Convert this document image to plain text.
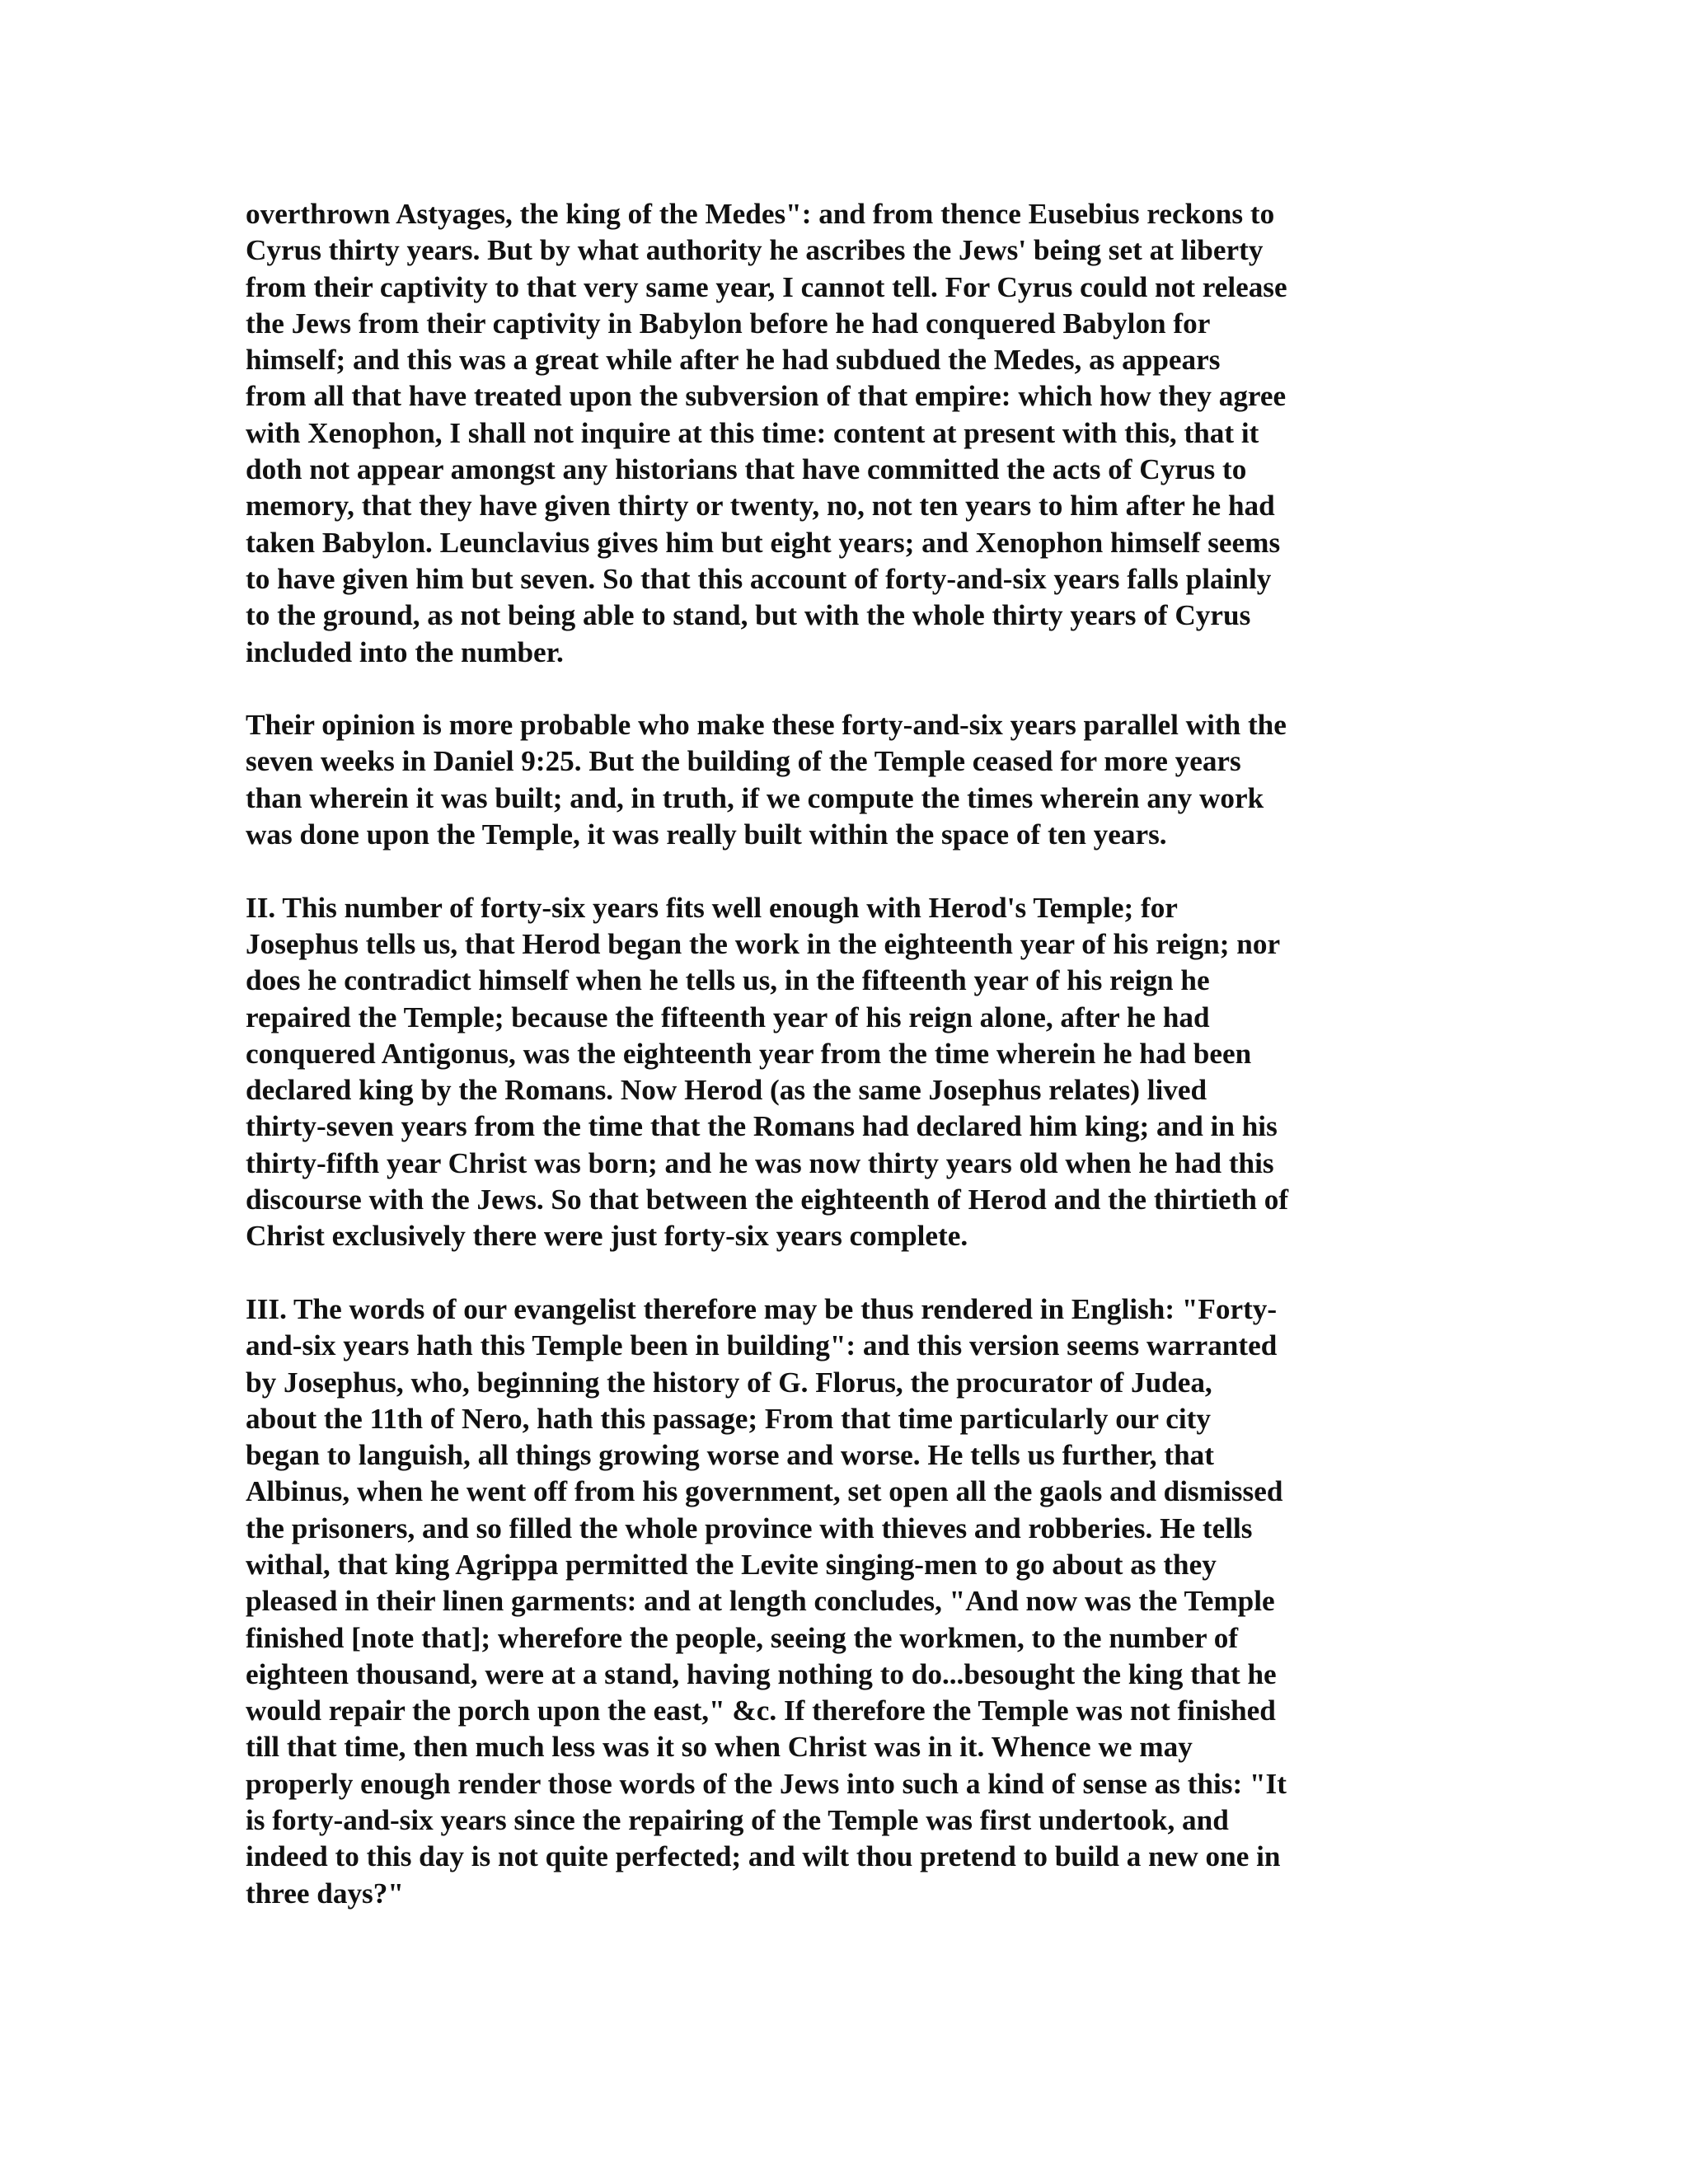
overthrown Astyages, the king of the Medes": and from thence Eusebius reckons to
Cyrus thirty years. But by what authority he ascribes the Jews' being set at liberty
from their captivity to that very same year, I cannot tell. For Cyrus could not release
the Jews from their captivity in Babylon before he had conquered Babylon for
himself; and this was a great while after he had subdued the Medes, as appears
from all that have treated upon the subversion of that empire: which how they agree
with Xenophon, I shall not inquire at this time: content at present with this, that it
doth not appear amongst any historians that have committed the acts of Cyrus to
memory, that they have given thirty or twenty, no, not ten years to him after he had
taken Babylon. Leunclavius gives him but eight years; and Xenophon himself seems
to have given him but seven. So that this account of forty-and-six years falls plainly
to the ground, as not being able to stand, but with the whole thirty years of Cyrus
included into the number.

Their opinion is more probable who make these forty-and-six years parallel with the
seven weeks in Daniel 9:25. But the building of the Temple ceased for more years
than wherein it was built; and, in truth, if we compute the times wherein any work
was done upon the Temple, it was really built within the space of ten years.

II. This number of forty-six years fits well enough with Herod's Temple; for
Josephus tells us, that Herod began the work in the eighteenth year of his reign; nor
does he contradict himself when he tells us, in the fifteenth year of his reign he
repaired the Temple; because the fifteenth year of his reign alone, after he had
conquered Antigonus, was the eighteenth year from the time wherein he had been
declared king by the Romans. Now Herod (as the same Josephus relates) lived
thirty-seven years from the time that the Romans had declared him king; and in his
thirty-fifth year Christ was born; and he was now thirty years old when he had this
discourse with the Jews. So that between the eighteenth of Herod and the thirtieth of
Christ exclusively there were just forty-six years complete.

III. The words of our evangelist therefore may be thus rendered in English: "Forty-
and-six years hath this Temple been in building": and this version seems warranted
by Josephus, who, beginning the history of G. Florus, the procurator of Judea,
about the 11th of Nero, hath this passage; From that time particularly our city
began to languish, all things growing worse and worse. He tells us further, that
Albinus, when he went off from his government, set open all the gaols and dismissed
the prisoners, and so filled the whole province with thieves and robberies. He tells
withal, that king Agrippa permitted the Levite singing-men to go about as they
pleased in their linen garments: and at length concludes, "And now was the Temple
finished [note that]; wherefore the people, seeing the workmen, to the number of
eighteen thousand, were at a stand, having nothing to do...besought the king that he
would repair the porch upon the east," &c. If therefore the Temple was not finished
till that time, then much less was it so when Christ was in it. Whence we may
properly enough render those words of the Jews into such a kind of sense as this: "It
is forty-and-six years since the repairing of the Temple was first undertook, and
indeed to this day is not quite perfected; and wilt thou pretend to build a new one in
three days?"
